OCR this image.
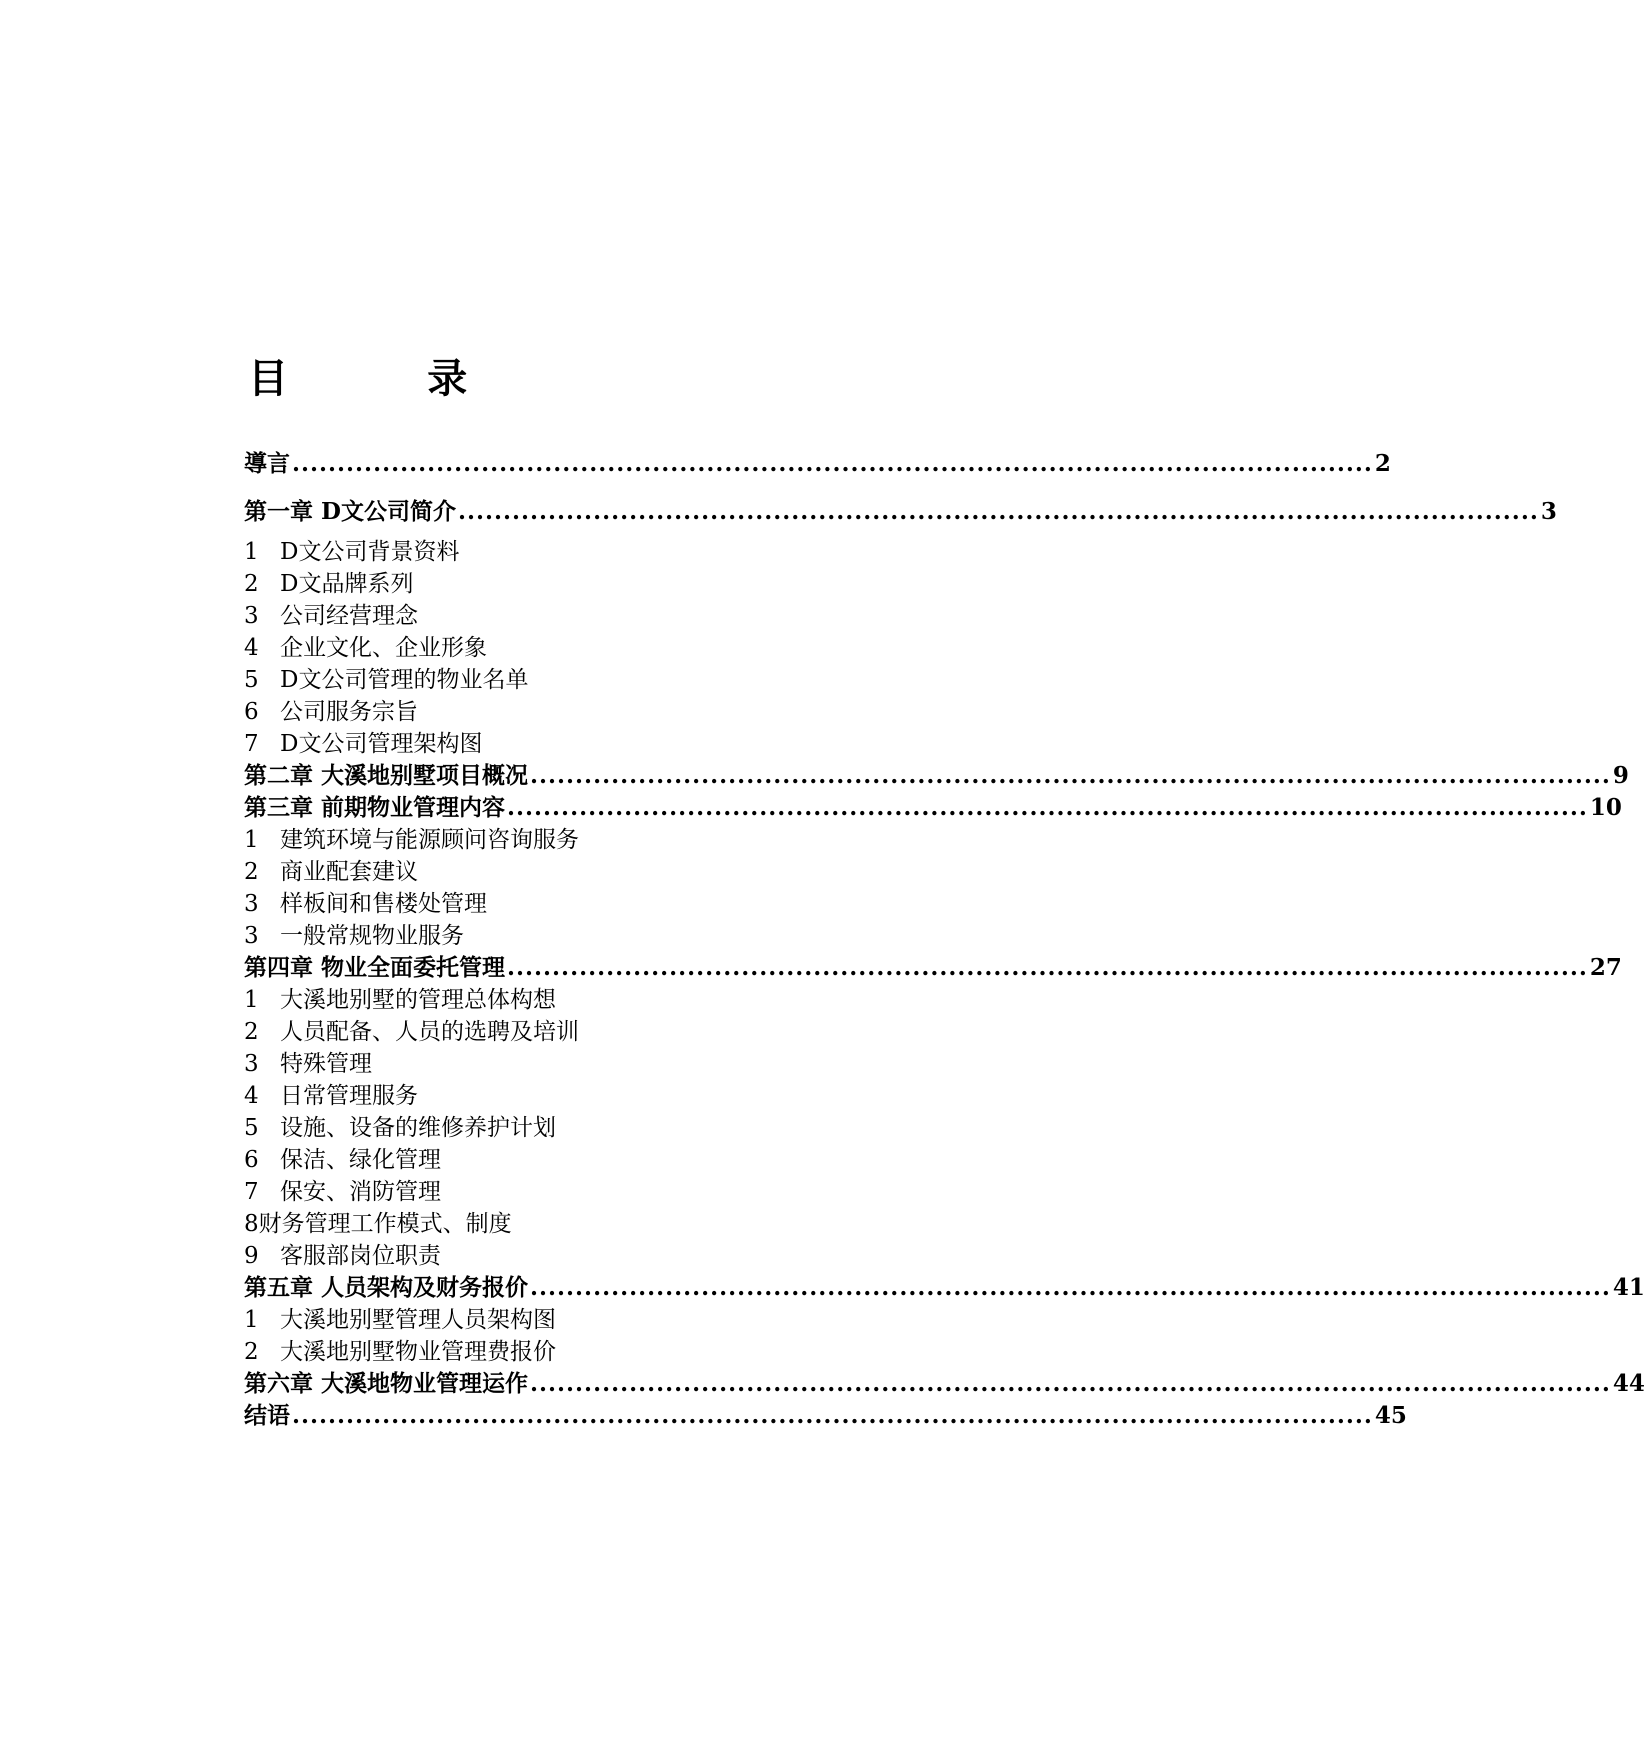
目          录
導言 ........................................................................................................................ 2
第一章 D文公司简介 ........................................................................................................................ 3
1 D文公司背景资料
2 D文品牌系列
3 公司经营理念
4 企业文化、企业形象
5 D文公司管理的物业名单
6 公司服务宗旨
7 D文公司管理架构图
第二章 大溪地别墅项目概况 ........................................................................................................................ 9
第三章 前期物业管理内容 ........................................................................................................................ 10
1 建筑环境与能源顾问咨询服务
2 商业配套建议
3 样板间和售楼处管理
3 一般常规物业服务
第四章 物业全面委托管理 ........................................................................................................................ 27
1 大溪地别墅的管理总体构想
2 人员配备、人员的选聘及培训
3 特殊管理
4 日常管理服务
5 设施、设备的维修养护计划
6 保洁、绿化管理
7 保安、消防管理
8财务管理工作模式、制度
9 客服部岗位职责
第五章 人员架构及财务报价 ........................................................................................................................ 41
1 大溪地别墅管理人员架构图
2 大溪地别墅物业管理费报价
第六章 大溪地物业管理运作 ........................................................................................................................ 44
结语 ........................................................................................................................ 45
